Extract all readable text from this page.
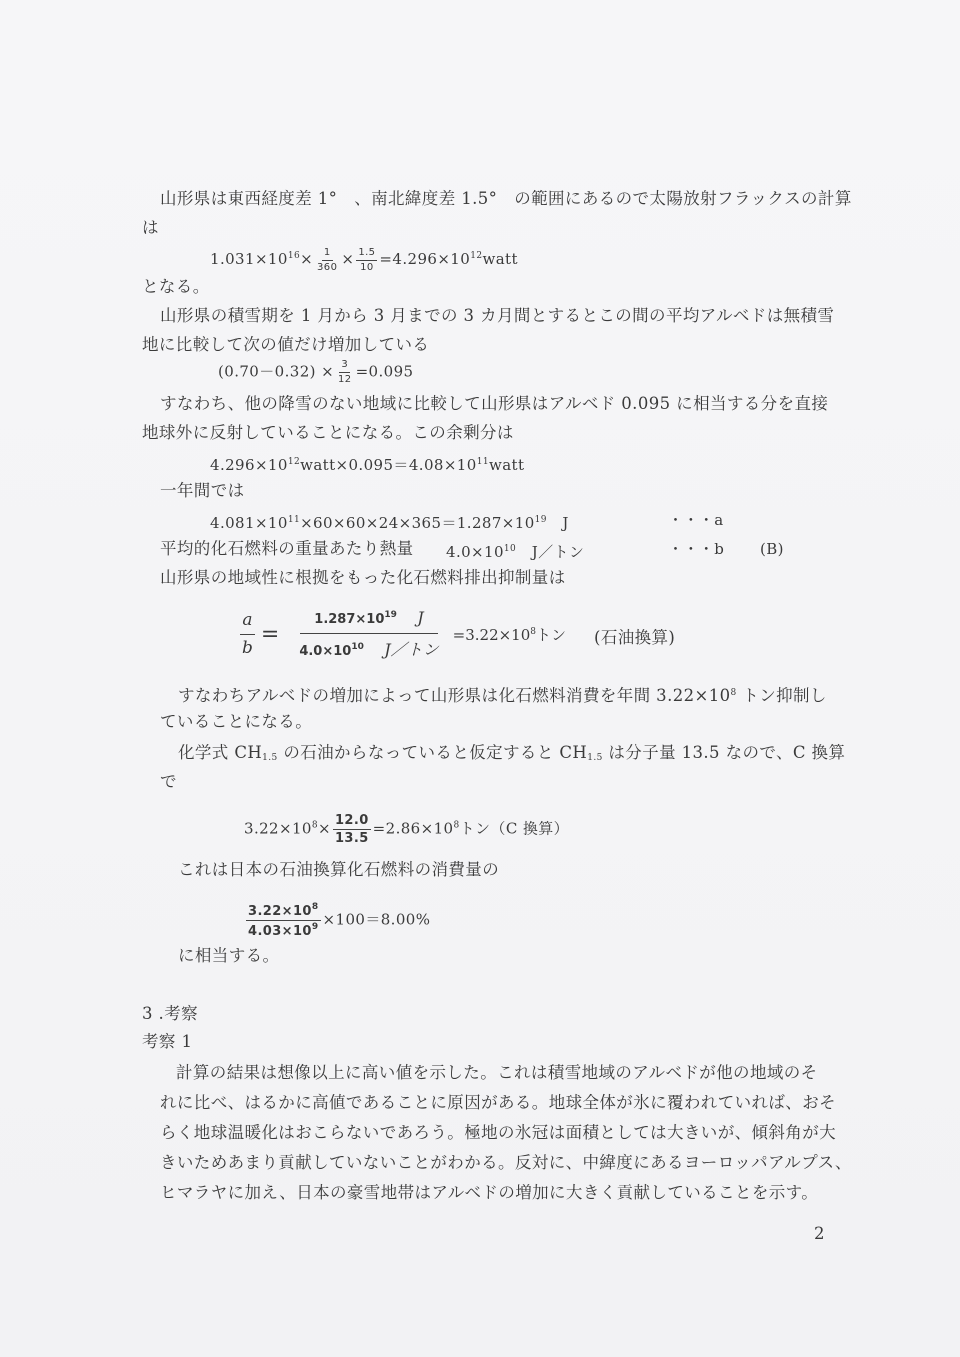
山形県は東西経度差 1°　、南北緯度差 1.5°　の範囲にあるので太陽放射フラックスの計算
は
$1.031\times 10^{16}\times \frac{1}{360} \times \frac{1.5}{10}$ $=4.296\times 10^{12}watt$
となる。
山形県の積雪期を 1 月から 3 月までの 3 カ月間とするとこの間の平均アルベドは無積雪
地に比較して次の値だけ増加している
$(0.70-0.32) \times \frac{3}{12} =0.095$
すなわち、他の降雪のない地域に比較して山形県はアルベド 0.095 に相当する分を直接
地球外に反射していることになる。この余剰分は
$4.296\times 10^{12}watt\times 0.095=4.08\times 10^{11}watt$
一年間では
$4.081\times 10^{11}\times 60\times 60\times 24\times 365=1.287\times 10^{19}$ J	・・・a
平均的化石燃料の重量あたり熱量 $4.0\times 10^{10}$ J／トン	・・・b (B)
山形県の地域性に根拠をもった化石燃料排出抑制量は
$\frac{a}{b} = \frac{1.287\times 10^{19} J}{4.0\times 10^{10} J/トン} =3.22\times 10^8$トン (石油換算)
すなわちアルベドの増加によって山形県は化石燃料消費を年間 $3.22\times 10^8$ トン抑制し
ていることになる。
化学式 $CH_{1.5}$ の石油からなっていると仮定すると $CH_{1.5}$ は分子量 13.5 なので、C 換算
で
$3.22\times 10^8\times \frac{12.0}{13.5} =2.86\times 10^8$トン（C 換算）
これは日本の石油換算化石燃料の消費量の
$\frac{3.22\times 10^8}{4.03\times 10^9} \times 100=8.00\%$
に相当する。
3 .考察
考察 1
計算の結果は想像以上に高い値を示した。これは積雪地域のアルベドが他の地域のそ
れに比べ、はるかに高値であることに原因がある。地球全体が氷に覆われていれば、おそ
らく地球温暖化はおこらないであろう。極地の氷冠は面積としては大きいが、傾斜角が大
きいためあまり貢献していないことがわかる。反対に、中緯度にあるヨーロッパアルプス、
ヒマラヤに加え、日本の豪雪地帯はアルベドの増加に大きく貢献していることを示す。
2
